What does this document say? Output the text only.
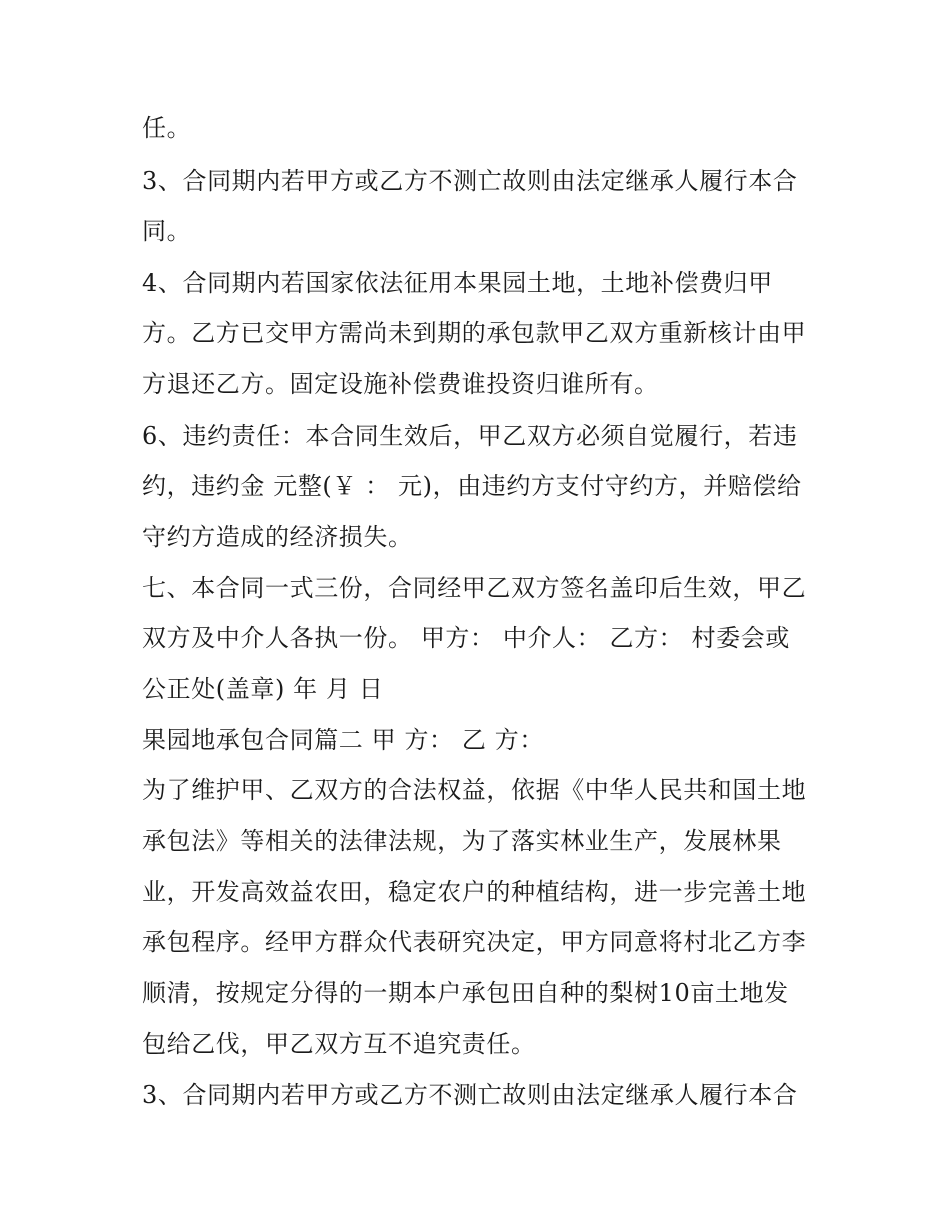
任。
3、合同期内若甲方或乙方不测亡故则由法定继承人履行本合
同。
4、合同期内若国家依法征用本果园土地，土地补偿费归甲
方。乙方已交甲方需尚未到期的承包款甲乙双方重新核计由甲
方退还乙方。固定设施补偿费谁投资归谁所有。
6、违约责任：本合同生效后，甲乙双方必须自觉履行，若违
约，违约金 元整(￥ ： 元)，由违约方支付守约方，并赔偿给
守约方造成的经济损失。
七、本合同一式三份，合同经甲乙双方签名盖印后生效，甲乙
双方及中介人各执一份。 甲方： 中介人： 乙方： 村委会或
公正处(盖章) 年 月 日
果园地承包合同篇二 甲 方： 乙 方：
为了维护甲、乙双方的合法权益，依据《中华人民共和国土地
承包法》等相关的法律法规，为了落实林业生产，发展林果
业，开发高效益农田，稳定农户的种植结构，进一步完善土地
承包程序。经甲方群众代表研究决定，甲方同意将村北乙方李
顺清，按规定分得的一期本户承包田自种的梨树10亩土地发
包给乙伐，甲乙双方互不追究责任。
3、合同期内若甲方或乙方不测亡故则由法定继承人履行本合
